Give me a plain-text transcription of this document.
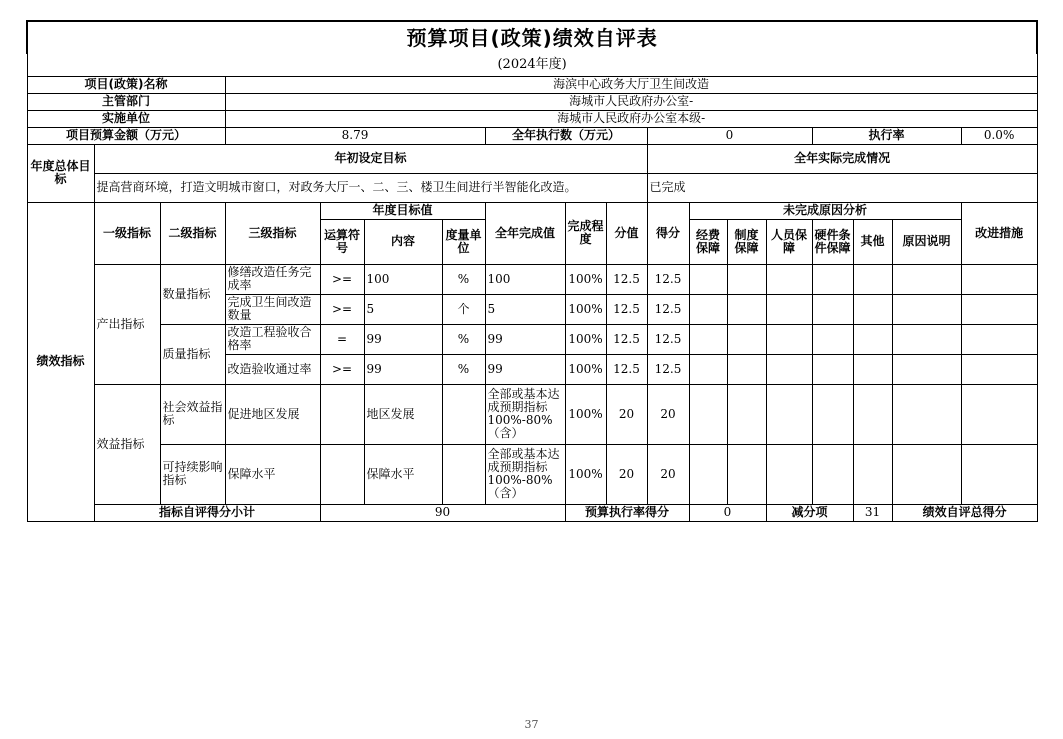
预算项目(政策)绩效自评表																		
(2024年度)																		
项目(政策)名称			海滨中心政务大厅卫生间改造															
主管部门			海城市人民政府办公室-															
实施单位			海城市人民政府办公室本级-															
项目预算金额（万元）			8.79				全年执行数（万元）			0				执行率			0.0%	
年度总体目标	年初设定目标									全年实际完成情况								
	提高营商环境，打造文明城市窗口，对政务大厅一、二、三、楼卫生间进行半智能化改造。									已完成								
绩效指标	一级指标	二级指标	三级指标	年度目标值			全年完成值	完成程度	分值	得分	未完成原因分析						改进措施	
				运算符号	内容	度量单位					经费保障	制度保障	人员保障	硬件条件保障	其他	原因说明		
	产出指标	数量指标	修缮改造任务完成率	>=	100	%	100	100%	12.5	12.5								
			完成卫生间改造数量	>=	5	个	5	100%	12.5	12.5								
		质量指标	改造工程验收合格率	=	99	%	99	100%	12.5	12.5								
			改造验收通过率	>=	99	%	99	100%	12.5	12.5								
	效益指标	社会效益指标	促进地区发展		地区发展		全部或基本达成预期指标100%-80%（含）	100%	20	20								
		可持续影响指标	保障水平		保障水平		全部或基本达成预期指标100%-80%（含）	100%	20	20								
	指标自评得分小计			90				预算执行率得分			0		减分项		31	绩效自评总得分	
37
